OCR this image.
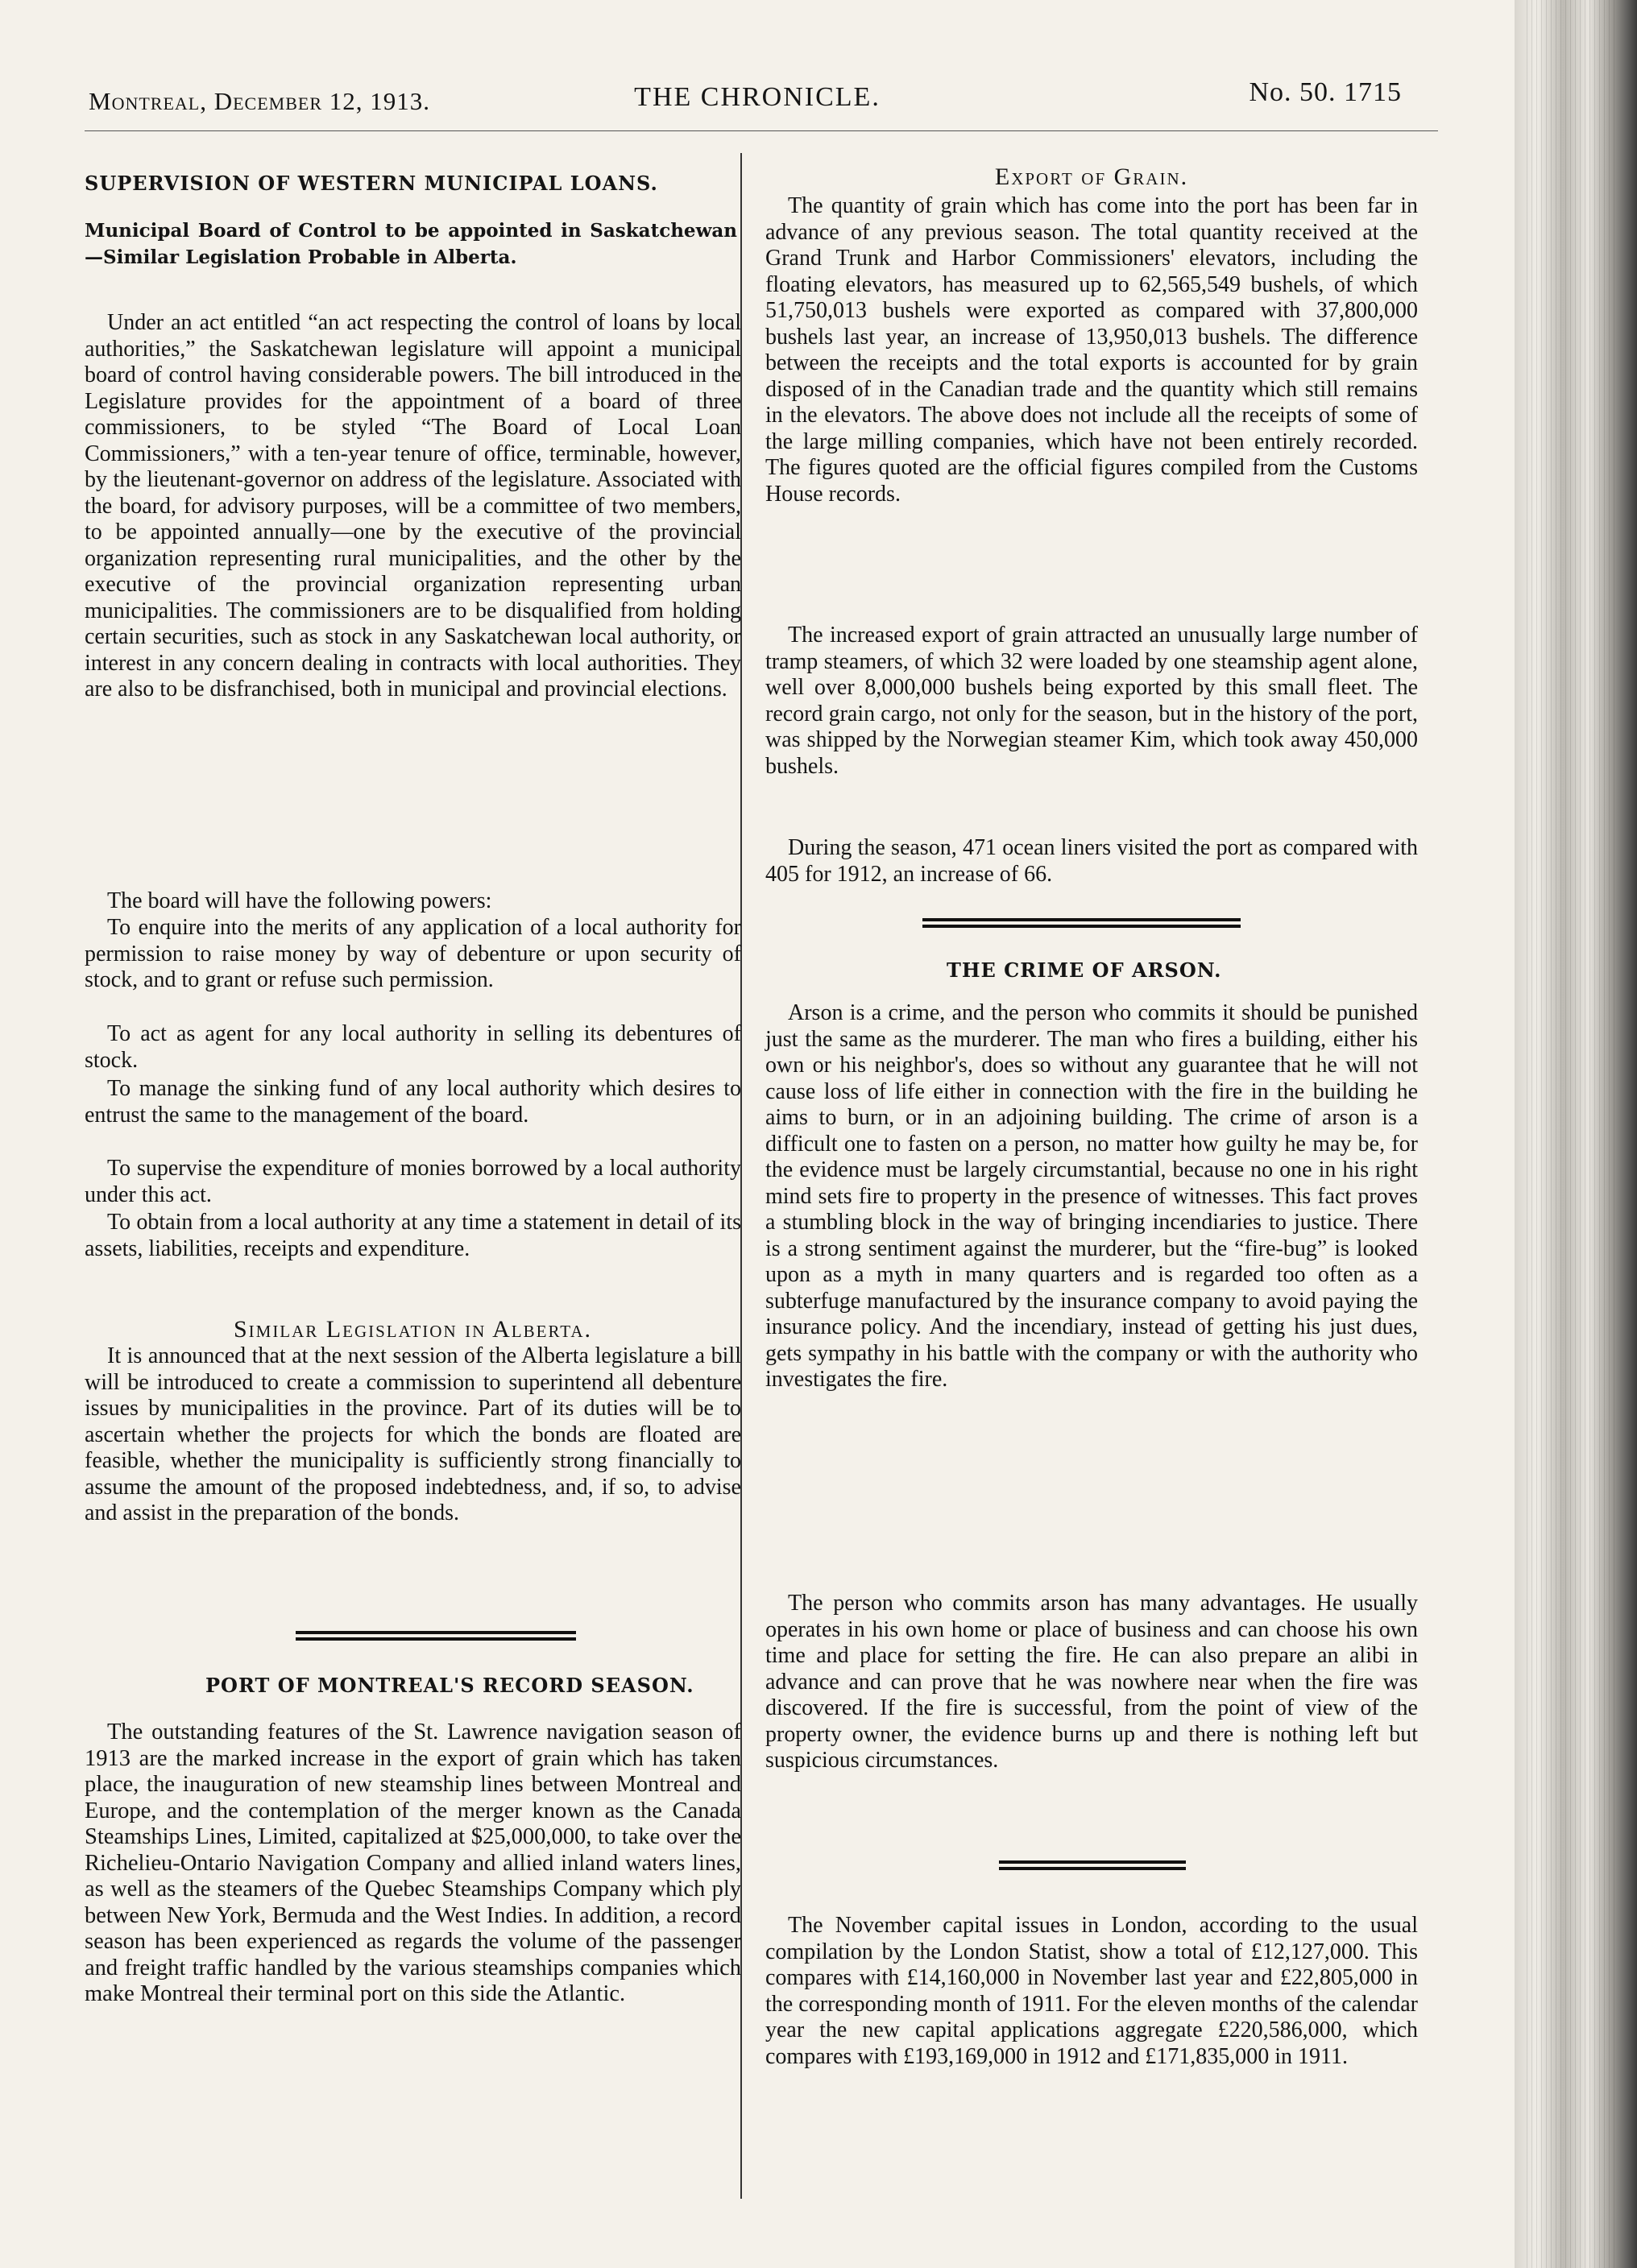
Montreal, December 12, 1913.	THE CHRONICLE.	No. 50. 1715
SUPERVISION OF WESTERN MUNICIPAL LOANS.

Municipal Board of Control to be appointed in Saskatchewan—Similar Legislation Probable in Alberta.

Under an act entitled “an act respecting the control of loans by local authorities,” the Saskatchewan legislature will appoint a municipal board of control having considerable powers. The bill introduced in the Legislature provides for the appointment of a board of three commissioners, to be styled “The Board of Local Loan Commissioners,” with a ten-year tenure of office, terminable, however, by the lieutenant-governor on address of the legislature. Associated with the board, for advisory purposes, will be a committee of two members, to be appointed annually—one by the executive of the provincial organization representing rural municipalities, and the other by the executive of the provincial organization representing urban municipalities. The commissioners are to be disqualified from holding certain securities, such as stock in any Saskatchewan local authority, or interest in any concern dealing in contracts with local authorities. They are also to be disfranchised, both in municipal and provincial elections.

The board will have the following powers:

To enquire into the merits of any application of a local authority for permission to raise money by way of debenture or upon security of stock, and to grant or refuse such permission.

To act as agent for any local authority in selling its debentures of stock.

To manage the sinking fund of any local authority which desires to entrust the same to the management of the board.

To supervise the expenditure of monies borrowed by a local authority under this act.

To obtain from a local authority at any time a statement in detail of its assets, liabilities, receipts and expenditure.

Similar Legislation in Alberta.

It is announced that at the next session of the Alberta legislature a bill will be introduced to create a commission to superintend all debenture issues by municipalities in the province. Part of its duties will be to ascertain whether the projects for which the bonds are floated are feasible, whether the municipality is sufficiently strong financially to assume the amount of the proposed indebtedness, and, if so, to advise and assist in the preparation of the bonds.

PORT OF MONTREAL'S RECORD SEASON.

The outstanding features of the St. Lawrence navigation season of 1913 are the marked increase in the export of grain which has taken place, the inauguration of new steamship lines between Montreal and Europe, and the contemplation of the merger known as the Canada Steamships Lines, Limited, capitalized at $25,000,000, to take over the Richelieu-Ontario Navigation Company and allied inland waters lines, as well as the steamers of the Quebec Steamships Company which ply between New York, Bermuda and the West Indies. In addition, a record season has been experienced as regards the volume of the passenger and freight traffic handled by the various steamships companies which make Montreal their terminal port on this side the Atlantic.

Export of Grain.

The quantity of grain which has come into the port has been far in advance of any previous season. The total quantity received at the Grand Trunk and Harbor Commissioners' elevators, including the floating elevators, has measured up to 62,565,549 bushels, of which 51,750,013 bushels were exported as compared with 37,800,000 bushels last year, an increase of 13,950,013 bushels. The difference between the receipts and the total exports is accounted for by grain disposed of in the Canadian trade and the quantity which still remains in the elevators. The above does not include all the receipts of some of the large milling companies, which have not been entirely recorded. The figures quoted are the official figures compiled from the Customs House records.

The increased export of grain attracted an unusually large number of tramp steamers, of which 32 were loaded by one steamship agent alone, well over 8,000,000 bushels being exported by this small fleet. The record grain cargo, not only for the season, but in the history of the port, was shipped by the Norwegian steamer Kim, which took away 450,000 bushels.

During the season, 471 ocean liners visited the port as compared with 405 for 1912, an increase of 66.

THE CRIME OF ARSON.

Arson is a crime, and the person who commits it should be punished just the same as the murderer. The man who fires a building, either his own or his neighbor's, does so without any guarantee that he will not cause loss of life either in connection with the fire in the building he aims to burn, or in an adjoining building. The crime of arson is a difficult one to fasten on a person, no matter how guilty he may be, for the evidence must be largely circumstantial, because no one in his right mind sets fire to property in the presence of witnesses. This fact proves a stumbling block in the way of bringing incendiaries to justice. There is a strong sentiment against the murderer, but the “fire-bug” is looked upon as a myth in many quarters and is regarded too often as a subterfuge manufactured by the insurance company to avoid paying the insurance policy. And the incendiary, instead of getting his just dues, gets sympathy in his battle with the company or with the authority who investigates the fire.

The person who commits arson has many advantages. He usually operates in his own home or place of business and can choose his own time and place for setting the fire. He can also prepare an alibi in advance and can prove that he was nowhere near when the fire was discovered. If the fire is successful, from the point of view of the property owner, the evidence burns up and there is nothing left but suspicious circumstances.

The November capital issues in London, according to the usual compilation by the London Statist, show a total of £12,127,000. This compares with £14,160,000 in November last year and £22,805,000 in the corresponding month of 1911. For the eleven months of the calendar year the new capital applications aggregate £220,586,000, which compares with £193,169,000 in 1912 and £171,835,000 in 1911.
